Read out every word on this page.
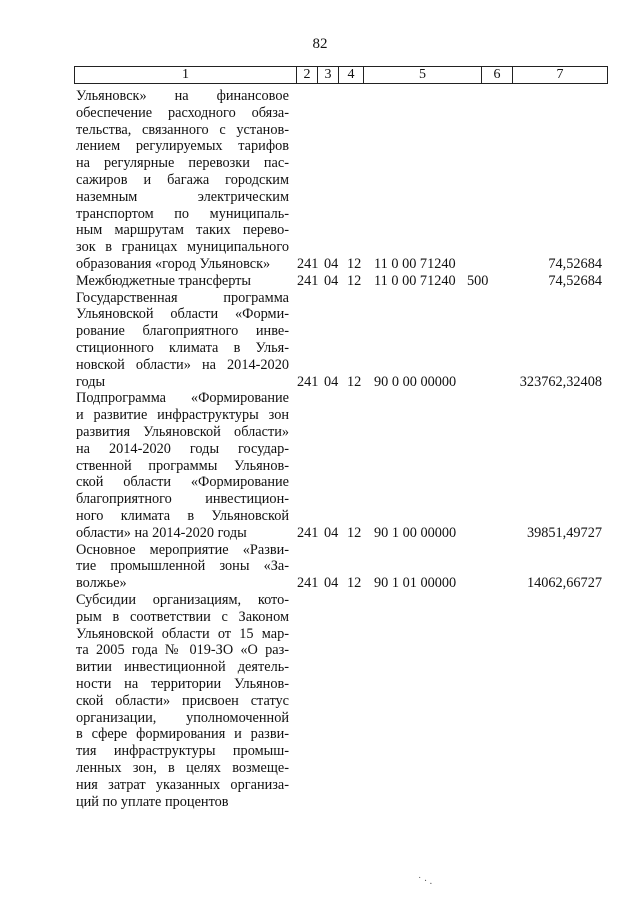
82
1	2	3	4	5	6	7
Ульяновск» на финансовое
обеспечение расходного обяза-
тельства, связанного с установ-
лением регулируемых тарифов
на регулярные перевозки пас-
сажиров и багажа городским
наземным электрическим
транспортом по муниципаль-
ным маршрутам таких перево-
зок в границах муниципального
образования «город Ульяновск»	241 04 12 11 0 00 71240	74,52684
Межбюджетные трансферты	241 04 12 11 0 00 71240 500	74,52684
Государственная программа
Ульяновской области «Форми-
рование благоприятного инве-
стиционного климата в Улья-
новской области» на 2014-2020
годы	241 04 12 90 0 00 00000	323762,32408
Подпрограмма «Формирование
и развитие инфраструктуры зон
развития Ульяновской области»
на 2014-2020 годы государ-
ственной программы Ульянов-
ской области «Формирование
благоприятного инвестицион-
ного климата в Ульяновской
области» на 2014-2020 годы	241 04 12 90 1 00 00000	39851,49727
Основное мероприятие «Разви-
тие промышленной зоны «За-
волжье»	241 04 12 90 1 01 00000	14062,66727
Субсидии организациям, кото-
рым в соответствии с Законом
Ульяновской области от 15 мар-
та 2005 года № 019-ЗО «О раз-
витии инвестиционной деятель-
ности на территории Ульянов-
ской области» присвоен статус
организации, уполномоченной
в сфере формирования и разви-
тия инфраструктуры промыш-
ленных зон, в целях возмеще-
ния затрат указанных организа-
ций по уплате процентов
˙ · .
